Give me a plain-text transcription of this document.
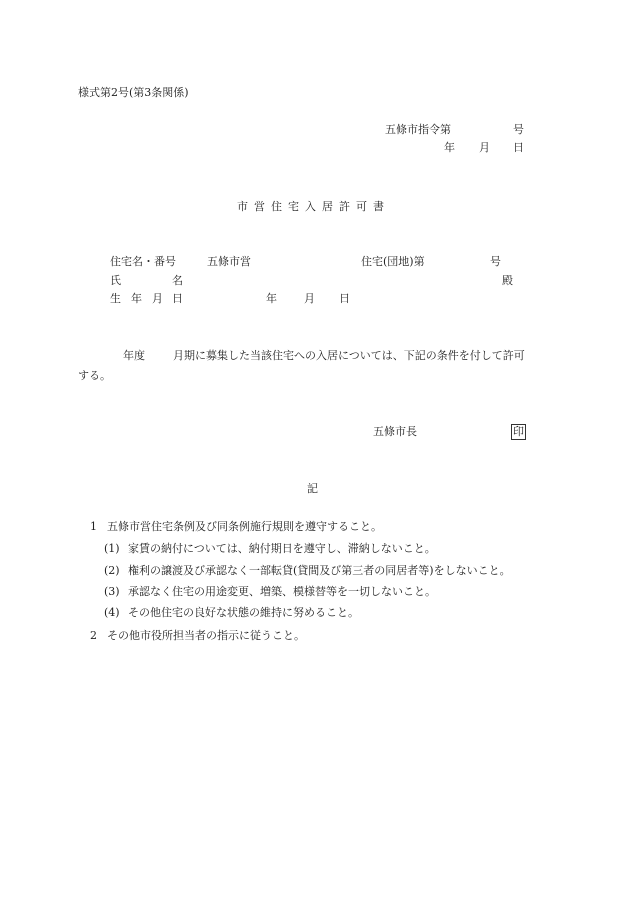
様式第2号(第3条関係)
五條市指令第	号
年 月 日
市営住宅入居許可書
住宅名・番号	五條市営	住宅(団地)第	号
氏	名	殿
生 年 月 日	年 月 日
年度	月期に募集した当該住宅への入居については、下記の条件を付して許可
する。
五條市長	印
記
1 五條市営住宅条例及び同条例施行規則を遵守すること。
(1) 家賃の納付については、納付期日を遵守し、滞納しないこと。
(2) 権利の譲渡及び承認なく一部転貸(貸間及び第三者の同居者等)をしないこと。
(3) 承認なく住宅の用途変更、増築、模様替等を一切しないこと。
(4) その他住宅の良好な状態の維持に努めること。
2 その他市役所担当者の指示に従うこと。
